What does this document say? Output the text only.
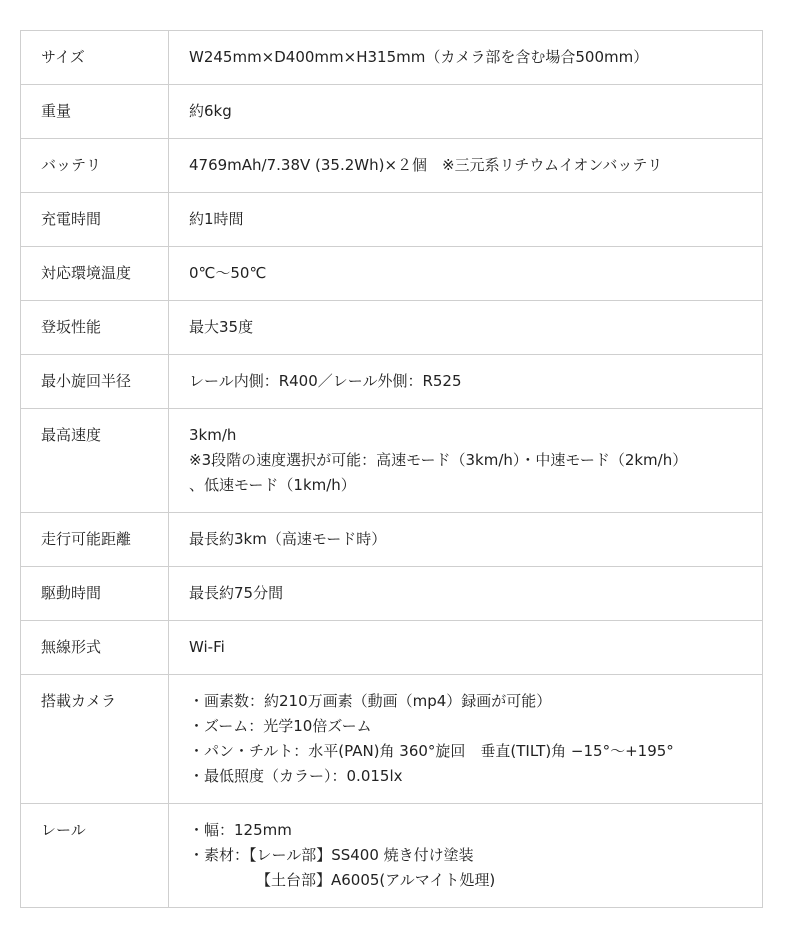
サイズ	W245mm×D400mm×H315mm（カメラ部を含む場合500mm）

重量	約6kg

バッテリ	4769mAh/7.38V (35.2Wh)×２個　※三元系リチウムイオンバッテリ

充電時間	約1時間

対応環境温度	0℃〜50℃

登坂性能	最大35度

最小旋回半径	レール内側：R400／レール外側：R525

最高速度	3km/h
※3段階の速度選択が可能：高速モード（3km/h）・中速モード（2km/h）
、低速モード（1km/h）

走行可能距離	最長約3km（高速モード時）

駆動時間	最長約75分間

無線形式	Wi-Fi

搭載カメラ	・画素数：約210万画素（動画（mp4）録画が可能）
・ズーム：光学10倍ズーム
・パン・チルト：水平(PAN)角 360°旋回　垂直(TILT)角 −15°〜+195°
・最低照度（カラー）：0.015lx

レール	・幅：125mm
・素材：【レール部】SS400 焼き付け塗装
【土台部】A6005(アルマイト処理)
